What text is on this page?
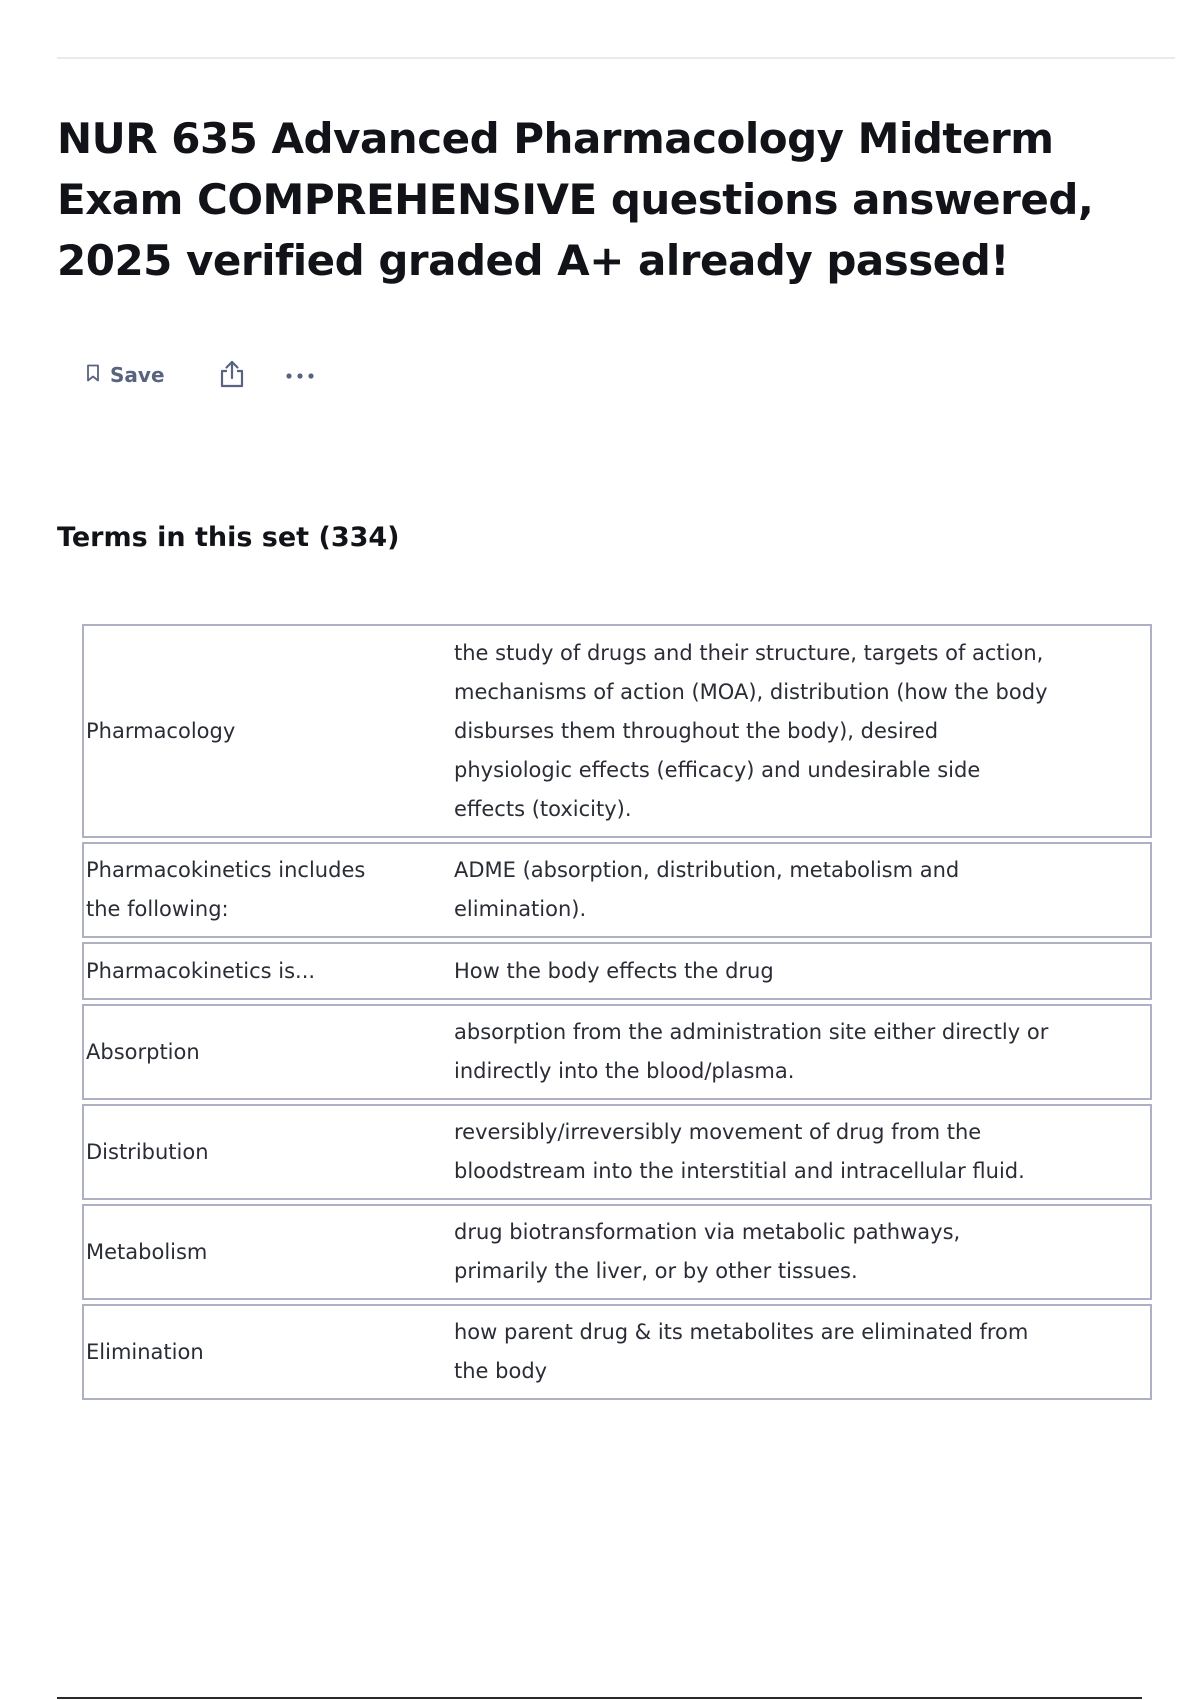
NUR 635 Advanced Pharmacology Midterm Exam COMPREHENSIVE questions answered, 2025 verified graded A+ already passed!
Save
Terms in this set (334)
Pharmacology	the study of drugs and their structure, targets of action, mechanisms of action (MOA), distribution (how the body disburses them throughout the body), desired physiologic effects (efficacy) and undesirable side effects (toxicity).

Pharmacokinetics includes the following:	ADME (absorption, distribution, metabolism and elimination).

Pharmacokinetics is...	How the body effects the drug

Absorption	absorption from the administration site either directly or indirectly into the blood/plasma.

Distribution	reversibly/irreversibly movement of drug from the bloodstream into the interstitial and intracellular fluid.

Metabolism	drug biotransformation via metabolic pathways, primarily the liver, or by other tissues.

Elimination	how parent drug & its metabolites are eliminated from the body
